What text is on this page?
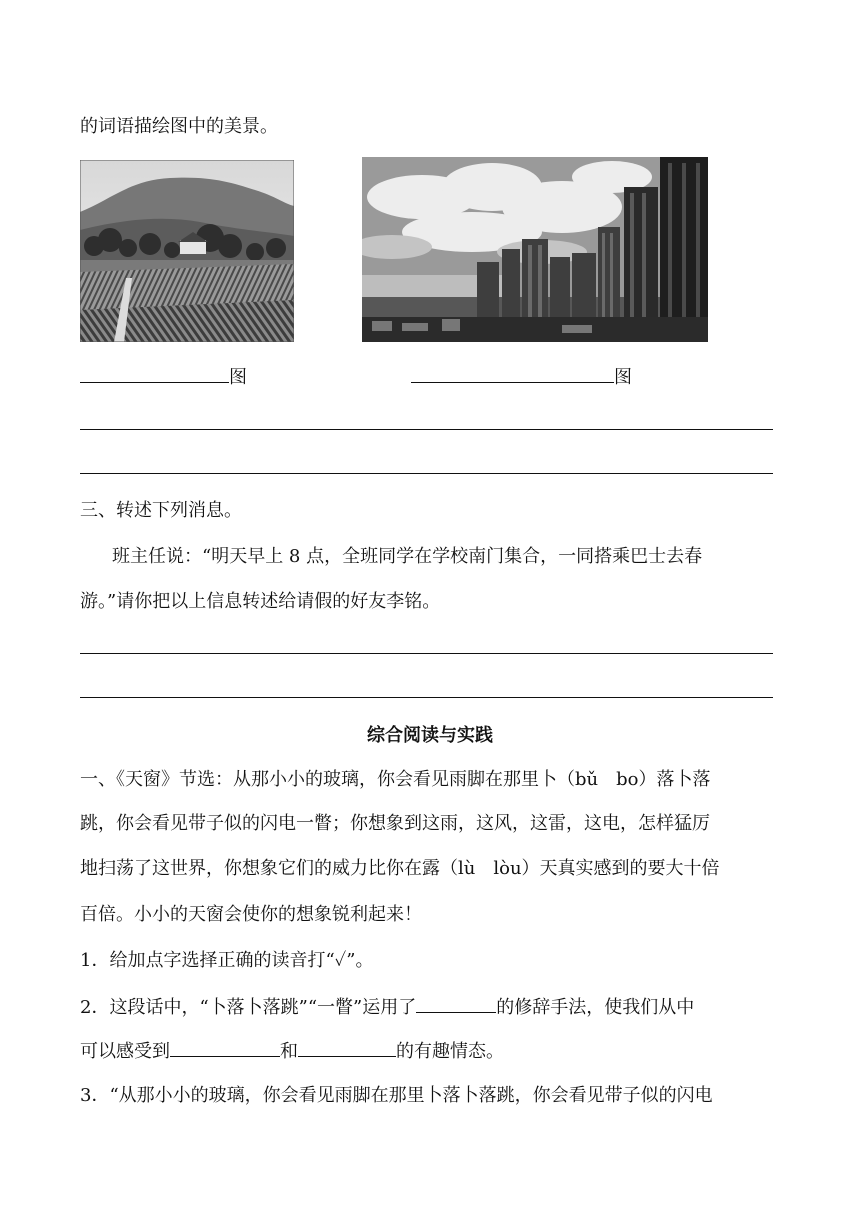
的词语描绘图中的美景。
图	图
三、转述下列消息。
班主任说：“明天早上 8 点，全班同学在学校南门集合，一同搭乘巴士去春
游。”请你把以上信息转述给请假的好友李铭。
综合阅读与实践
一、《天窗》节选：从那小小的玻璃，你会看见雨脚在那里卜（bǔ　bo）落卜落
跳，你会看见带子似的闪电一瞥；你想象到这雨，这风，这雷，这电，怎样猛厉
地扫荡了这世界，你想象它们的威力比你在露（lù　lòu）天真实感到的要大十倍
百倍。小小的天窗会使你的想象锐利起来！
1．给加点字选择正确的读音打“✓”。
2．这段话中，“卜落卜落跳”“一瞥”运用了	的修辞手法，使我们从中
可以感受到	和	的有趣情态。
3．“从那小小的玻璃，你会看见雨脚在那里卜落卜落跳，你会看见带子似的闪电
